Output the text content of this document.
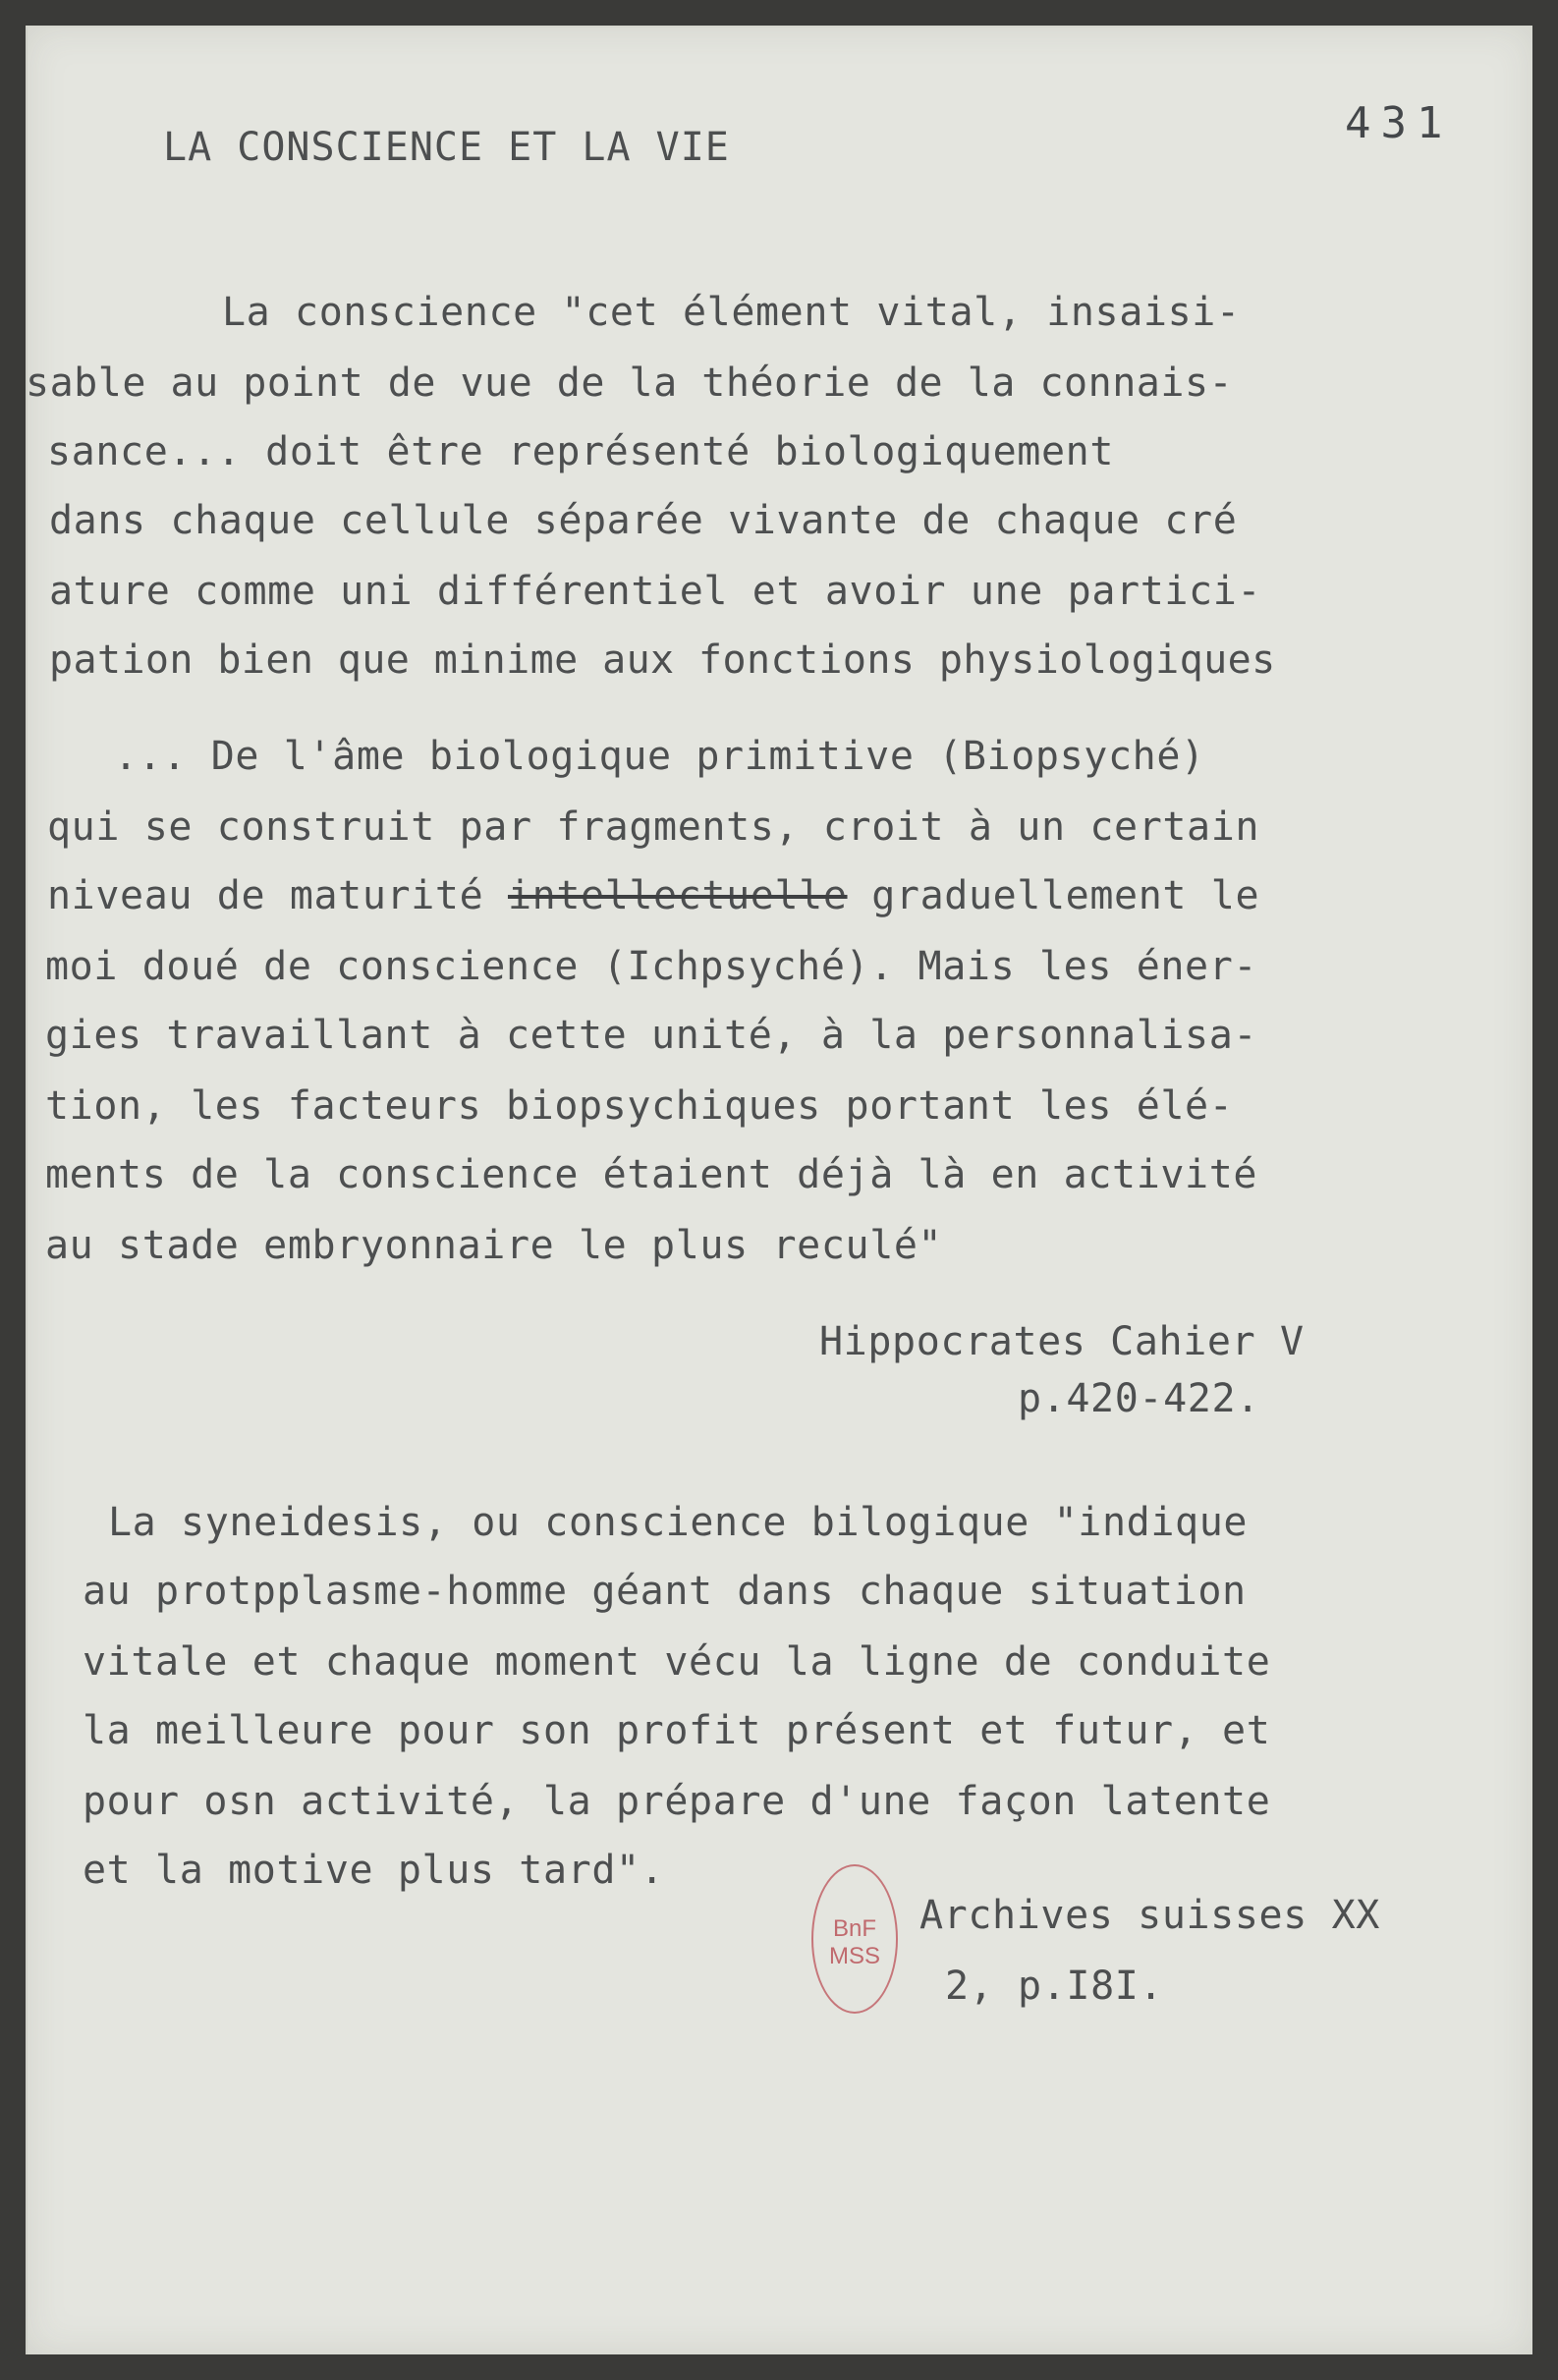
LA CONSCIENCE ET LA VIE	431
La conscience "cet élément vital, insaisi-
sable au point de vue de la théorie de la connais-
sance... doit être représenté biologiquement
dans chaque cellule séparée vivante de chaque cré
ature comme uni différentiel et avoir une partici-
pation bien que minime aux fonctions physiologiques
... De l'âme biologique primitive (Biopsyché)
qui se construit par fragments, croit à un certain
niveau de maturité intellectuelle graduellement le
moi doué de conscience (Ichpsyché). Mais les éner-
gies travaillant à cette unité, à la personnalisa-
tion, les facteurs biopsychiques portant les élé-
ments de la conscience étaient déjà là en activité
au stade embryonnaire le plus reculé"
Hippocrates Cahier V
p.420-422.
La syneidesis, ou conscience bilogique "indique
au protpplasme-homme géant dans chaque situation
vitale et chaque moment vécu la ligne de conduite
la meilleure pour son profit présent et futur, et
pour osn activité, la prépare d'une façon latente
et la motive plus tard".
Archives suisses XX
2, p.I8I.
BnF
MSS
